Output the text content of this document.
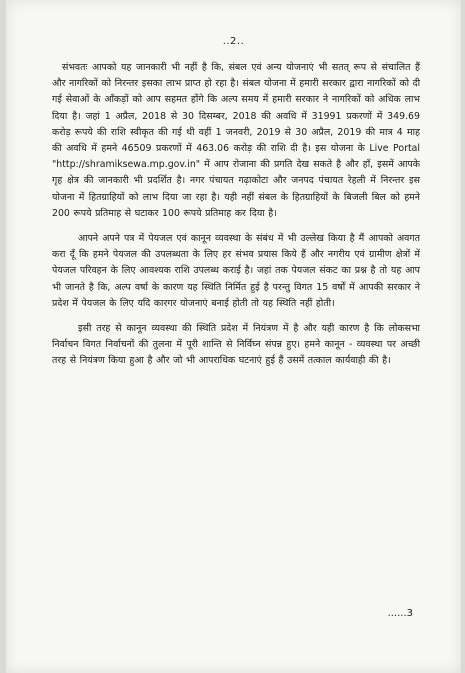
..2..

संभवतः आपको यह जानकारी भी नहीं है कि, संबल एवं अन्य योजनाएं भी सतत् रूप से संचालित हैं और नागरिकों को निरन्तर इसका लाभ प्राप्त हो रहा है। संबल योजना में हमारी सरकार द्वारा नागरिकों को दी गई सेवाओं के आँकड़ों को आप सहमत होंगे कि अल्प समय में हमारी सरकार ने नागरिकों को अधिक लाभ दिया है। जहां 1 अप्रैल, 2018 से 30 दिसम्बर, 2018 की अवधि में 31991 प्रकरणों में 349.69 करोड़ रूपये की राशि स्वीकृत की गई थी वहीं 1 जनवरी, 2019 से 30 अप्रैल, 2019 की मात्र 4 माह की अवधि में हमने 46509 प्रकरणों में 463.06 करोड़ की राशि दी है। इस योजना के Live Portal "http://shramiksewa.mp.gov.in" में आप रोजाना की प्रगति देख सकते है और हाँ, इसमें आपके गृह क्षेत्र की जानकारी भी प्रदर्शित है। नगर पंचायत गढ़ाकोटा और जनपद पंचायत रेहली में निरन्तर इस योजना में हितग्राहियों को लाभ दिया जा रहा है। यही नहीं संबल के हितग्राहियों के बिजली बिल को हमने 200 रूपये प्रतिमाह से घटाकर 100 रूपये प्रतिमाह कर दिया है।

आपने अपने पत्र में पेयजल एवं कानून व्यवस्था के संबंध में भी उल्लेख किया है मैं आपको अवगत करा दूँ कि हमने पेयजल की उपलब्धता के लिए हर संभव प्रयास किये हैं और नगरीय एवं ग्रामीण क्षेत्रों में पेयजल परिवहन के लिए आवश्यक राशि उपलब्ध कराई है। जहां तक पेयजल संकट का प्रश्न है तो यह आप भी जानते है कि, अल्प वर्षा के कारण यह स्थिति निर्मित हुई है परन्तु विगत 15 वर्षों में आपकी सरकार ने प्रदेश में पेयजल के लिए यदि कारगर योजनाएं बनाई होती तो यह स्थिति नहीं होती।

इसी तरह से कानून व्यवस्था की स्थिति प्रदेश में नियंत्रण में है और यही कारण है कि लोकसभा निर्वाचन विगत निर्वाचनों की तुलना में पूरी शान्ति से निर्विघ्न संपन्न हुए। हमने कानून - व्यवस्था पर अच्छी तरह से नियंत्रण किया हुआ है और जो भी आपराधिक घटनाएं हुई हैं उसमें तत्काल कार्यवाही की है।

......3
